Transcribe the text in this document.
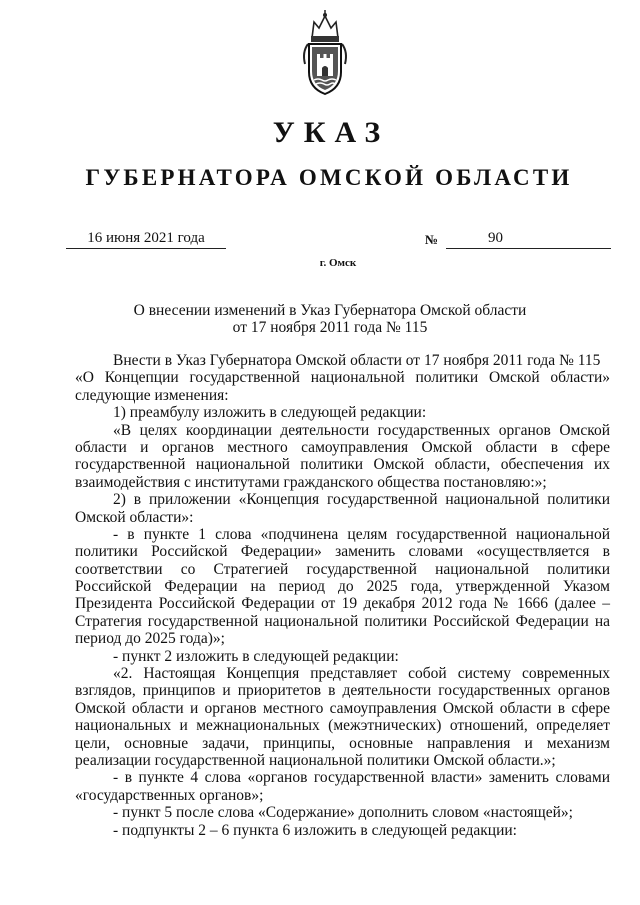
УКАЗ
ГУБЕРНАТОРА ОМСКОЙ ОБЛАСТИ
16 июня 2021 года	№	90
г. Омск
О внесении изменений в Указ Губернатора Омской области
от 17 ноября 2011 года № 115
Внести в Указ Губернатора Омской области от 17 ноября 2011 года № 115
«О Концепции государственной национальной политики Омской области»
следующие изменения:
1) преамбулу изложить в следующей редакции:
«В целях координации деятельности государственных органов Омской
области и органов местного самоуправления Омской области в сфере
государственной национальной политики Омской области, обеспечения их
взаимодействия с институтами гражданского общества постановляю:»;
2) в приложении «Концепция государственной национальной политики
Омской области»:
- в пункте 1 слова «подчинена целям государственной национальной
политики Российской Федерации» заменить словами «осуществляется в
соответствии со Стратегией государственной национальной политики
Российской Федерации на период до 2025 года, утвержденной Указом
Президента Российской Федерации от 19 декабря 2012 года № 1666 (далее –
Стратегия государственной национальной политики Российской Федерации на
период до 2025 года)»;
- пункт 2 изложить в следующей редакции:
«2. Настоящая Концепция представляет собой систему современных
взглядов, принципов и приоритетов в деятельности государственных органов
Омской области и органов местного самоуправления Омской области в сфере
национальных и межнациональных (межэтнических) отношений, определяет
цели, основные задачи, принципы, основные направления и механизм
реализации государственной национальной политики Омской области.»;
- в пункте 4 слова «органов государственной власти» заменить словами
«государственных органов»;
- пункт 5 после слова «Содержание» дополнить словом «настоящей»;
- подпункты 2 – 6 пункта 6 изложить в следующей редакции:
